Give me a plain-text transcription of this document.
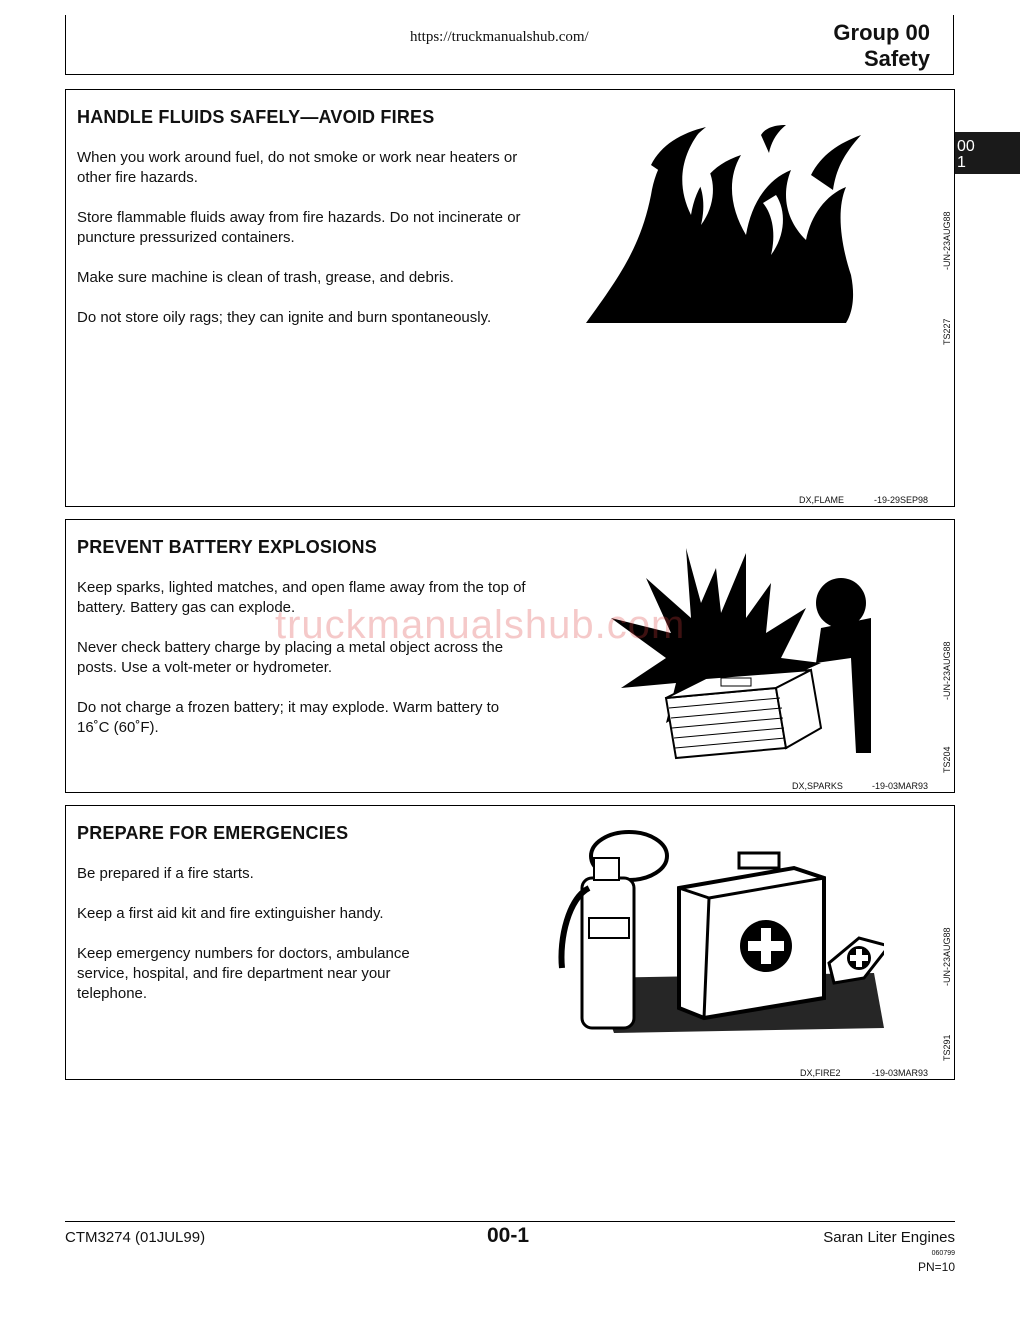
https://truckmanualshub.com/	Group 00
Safety
00
1
HANDLE FLUIDS SAFELY—AVOID FIRES
When you work around fuel, do not smoke or work near heaters or other fire hazards.
Store flammable fluids away from fire hazards. Do not incinerate or puncture pressurized containers.
Make sure machine is clean of trash, grease, and debris.
Do not store oily rags; they can ignite and burn spontaneously.
-UN-23AUG88
TS227
DX,FLAME	-19-29SEP98
PREVENT BATTERY EXPLOSIONS
Keep sparks, lighted matches, and open flame away from the top of battery. Battery gas can explode.
Never check battery charge by placing a metal object across the posts. Use a volt-meter or hydrometer.
Do not charge a frozen battery; it may explode. Warm battery to 16˚C (60˚F).
-UN-23AUG88
TS204
DX,SPARKS	-19-03MAR93
PREPARE FOR EMERGENCIES
Be prepared if a fire starts.
Keep a first aid kit and fire extinguisher handy.
Keep emergency numbers for doctors, ambulance service, hospital, and fire department near your telephone.
-UN-23AUG88
TS291
DX,FIRE2	-19-03MAR93
truckmanualshub.com
CTM3274 (01JUL99)	00-1	Saran Liter Engines
060799
PN=10
